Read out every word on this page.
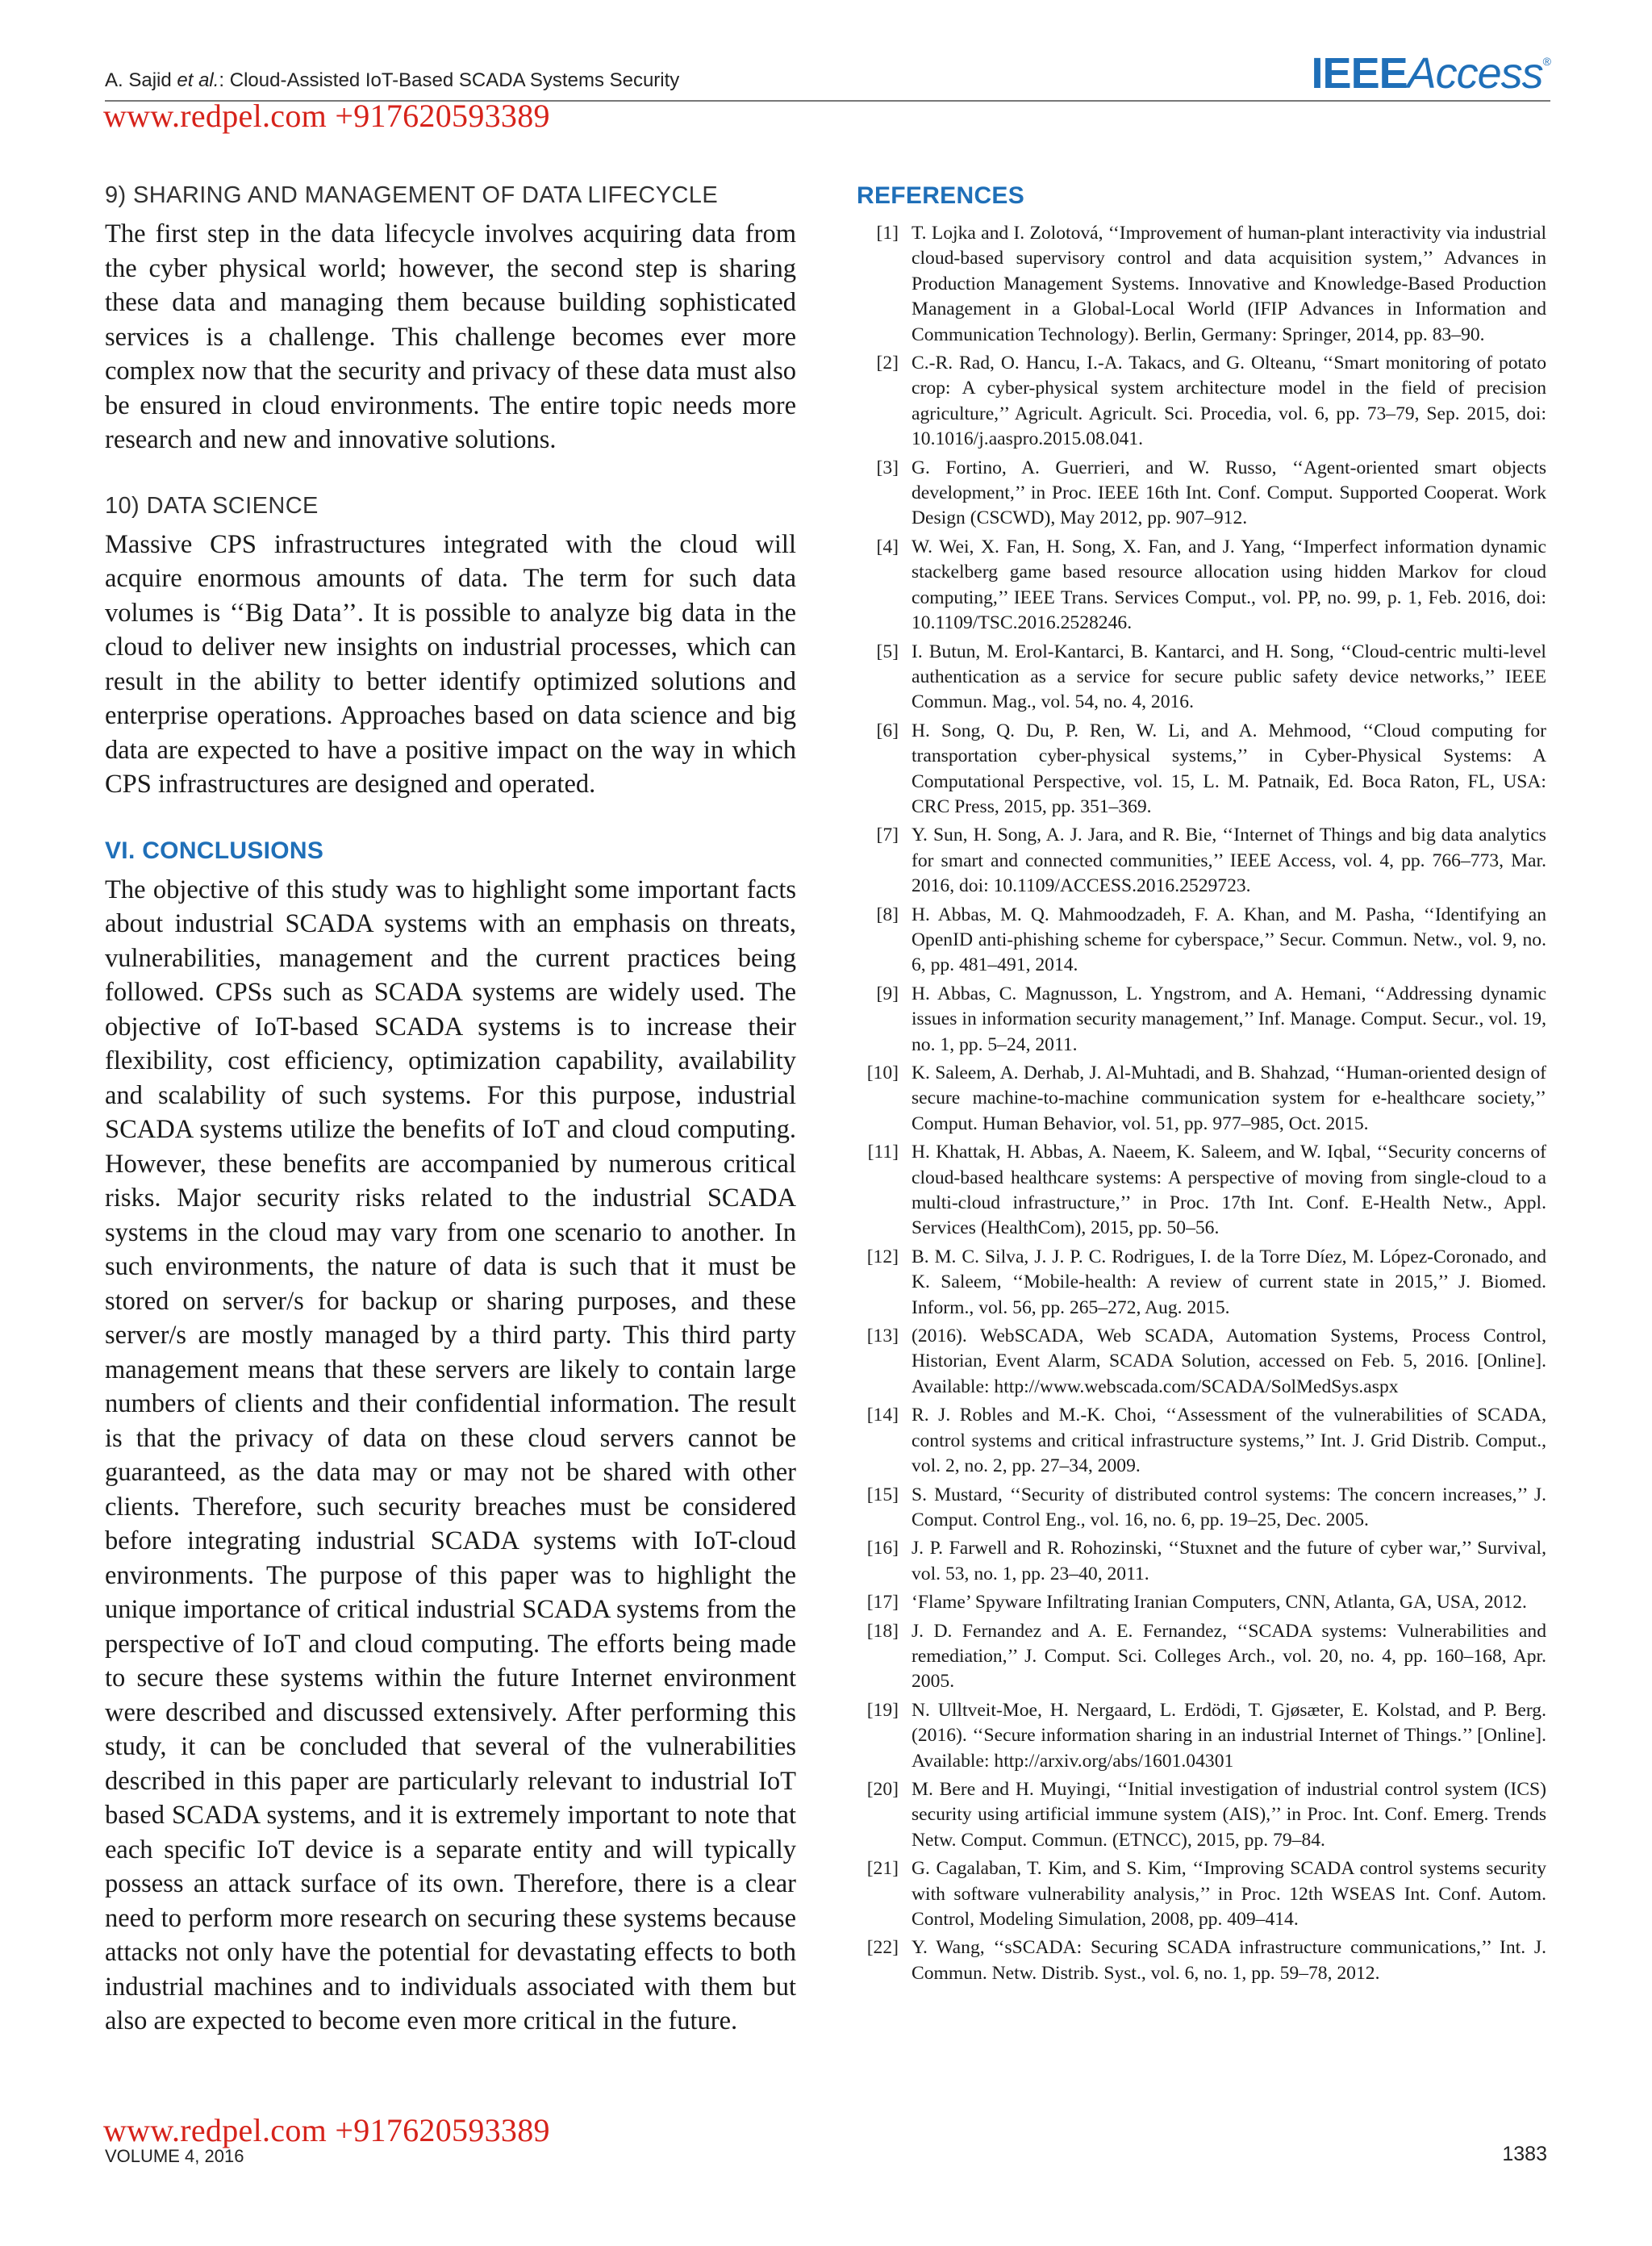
A. Sajid et al.: Cloud-Assisted IoT-Based SCADA Systems Security	IEEEAccess®
www.redpel.com +917620593389
9) SHARING AND MANAGEMENT OF DATA LIFECYCLE

The first step in the data lifecycle involves acquiring data from the cyber physical world; however, the second step is sharing these data and managing them because building sophisticated services is a challenge. This challenge becomes ever more complex now that the security and privacy of these data must also be ensured in cloud environments. The entire topic needs more research and new and innovative solutions.

10) DATA SCIENCE

Massive CPS infrastructures integrated with the cloud will acquire enormous amounts of data. The term for such data volumes is ‘‘Big Data’’. It is possible to analyze big data in the cloud to deliver new insights on industrial processes, which can result in the ability to better identify optimized solutions and enterprise operations. Approaches based on data science and big data are expected to have a positive impact on the way in which CPS infrastructures are designed and operated.

VI. CONCLUSIONS

The objective of this study was to highlight some important facts about industrial SCADA systems with an emphasis on threats, vulnerabilities, management and the current practices being followed. CPSs such as SCADA systems are widely used. The objective of IoT-based SCADA systems is to increase their flexibility, cost efficiency, optimization capability, availability and scalability of such systems. For this purpose, industrial SCADA systems utilize the benefits of IoT and cloud computing. However, these benefits are accompanied by numerous critical risks. Major security risks related to the industrial SCADA systems in the cloud may vary from one scenario to another. In such environments, the nature of data is such that it must be stored on server/s for backup or sharing purposes, and these server/s are mostly managed by a third party. This third party management means that these servers are likely to contain large numbers of clients and their confidential information. The result is that the privacy of data on these cloud servers cannot be guaranteed, as the data may or may not be shared with other clients. Therefore, such security breaches must be considered before integrating industrial SCADA systems with IoT-cloud environments. The purpose of this paper was to highlight the unique importance of critical industrial SCADA systems from the perspective of IoT and cloud computing. The efforts being made to secure these systems within the future Internet environment were described and discussed extensively. After performing this study, it can be concluded that several of the vulnerabilities described in this paper are particularly relevant to industrial IoT based SCADA systems, and it is extremely important to note that each specific IoT device is a separate entity and will typically possess an attack surface of its own. Therefore, there is a clear need to perform more research on securing these systems because attacks not only have the potential for devastating effects to both industrial machines and to individuals associated with them but also are expected to become even more critical in the future.

REFERENCES
[1] T. Lojka and I. Zolotová, ‘‘Improvement of human-plant interactivity via industrial cloud-based supervisory control and data acquisition system,’’ Advances in Production Management Systems. Innovative and Knowledge-Based Production Management in a Global-Local World (IFIP Advances in Information and Communication Technology). Berlin, Germany: Springer, 2014, pp. 83–90.
[2] C.-R. Rad, O. Hancu, I.-A. Takacs, and G. Olteanu, ‘‘Smart monitoring of potato crop: A cyber-physical system architecture model in the field of precision agriculture,’’ Agricult. Agricult. Sci. Procedia, vol. 6, pp. 73–79, Sep. 2015, doi: 10.1016/j.aaspro.2015.08.041.
[3] G. Fortino, A. Guerrieri, and W. Russo, ‘‘Agent-oriented smart objects development,’’ in Proc. IEEE 16th Int. Conf. Comput. Supported Cooperat. Work Design (CSCWD), May 2012, pp. 907–912.
[4] W. Wei, X. Fan, H. Song, X. Fan, and J. Yang, ‘‘Imperfect information dynamic stackelberg game based resource allocation using hidden Markov for cloud computing,’’ IEEE Trans. Services Comput., vol. PP, no. 99, p. 1, Feb. 2016, doi: 10.1109/TSC.2016.2528246.
[5] I. Butun, M. Erol-Kantarci, B. Kantarci, and H. Song, ‘‘Cloud-centric multi-level authentication as a service for secure public safety device networks,’’ IEEE Commun. Mag., vol. 54, no. 4, 2016.
[6] H. Song, Q. Du, P. Ren, W. Li, and A. Mehmood, ‘‘Cloud computing for transportation cyber-physical systems,’’ in Cyber-Physical Systems: A Computational Perspective, vol. 15, L. M. Patnaik, Ed. Boca Raton, FL, USA: CRC Press, 2015, pp. 351–369.
[7] Y. Sun, H. Song, A. J. Jara, and R. Bie, ‘‘Internet of Things and big data analytics for smart and connected communities,’’ IEEE Access, vol. 4, pp. 766–773, Mar. 2016, doi: 10.1109/ACCESS.2016.2529723.
[8] H. Abbas, M. Q. Mahmoodzadeh, F. A. Khan, and M. Pasha, ‘‘Identifying an OpenID anti-phishing scheme for cyberspace,’’ Secur. Commun. Netw., vol. 9, no. 6, pp. 481–491, 2014.
[9] H. Abbas, C. Magnusson, L. Yngstrom, and A. Hemani, ‘‘Addressing dynamic issues in information security management,’’ Inf. Manage. Comput. Secur., vol. 19, no. 1, pp. 5–24, 2011.
[10] K. Saleem, A. Derhab, J. Al-Muhtadi, and B. Shahzad, ‘‘Human-oriented design of secure machine-to-machine communication system for e-healthcare society,’’ Comput. Human Behavior, vol. 51, pp. 977–985, Oct. 2015.
[11] H. Khattak, H. Abbas, A. Naeem, K. Saleem, and W. Iqbal, ‘‘Security concerns of cloud-based healthcare systems: A perspective of moving from single-cloud to a multi-cloud infrastructure,’’ in Proc. 17th Int. Conf. E-Health Netw., Appl. Services (HealthCom), 2015, pp. 50–56.
[12] B. M. C. Silva, J. J. P. C. Rodrigues, I. de la Torre Díez, M. López-Coronado, and K. Saleem, ‘‘Mobile-health: A review of current state in 2015,’’ J. Biomed. Inform., vol. 56, pp. 265–272, Aug. 2015.
[13] (2016). WebSCADA, Web SCADA, Automation Systems, Process Control, Historian, Event Alarm, SCADA Solution, accessed on Feb. 5, 2016. [Online]. Available: http://www.webscada.com/SCADA/SolMedSys.aspx
[14] R. J. Robles and M.-K. Choi, ‘‘Assessment of the vulnerabilities of SCADA, control systems and critical infrastructure systems,’’ Int. J. Grid Distrib. Comput., vol. 2, no. 2, pp. 27–34, 2009.
[15] S. Mustard, ‘‘Security of distributed control systems: The concern increases,’’ J. Comput. Control Eng., vol. 16, no. 6, pp. 19–25, Dec. 2005.
[16] J. P. Farwell and R. Rohozinski, ‘‘Stuxnet and the future of cyber war,’’ Survival, vol. 53, no. 1, pp. 23–40, 2011.
[17] ‘Flame’ Spyware Infiltrating Iranian Computers, CNN, Atlanta, GA, USA, 2012.
[18] J. D. Fernandez and A. E. Fernandez, ‘‘SCADA systems: Vulnerabilities and remediation,’’ J. Comput. Sci. Colleges Arch., vol. 20, no. 4, pp. 160–168, Apr. 2005.
[19] N. Ulltveit-Moe, H. Nergaard, L. Erdödi, T. Gjøsæter, E. Kolstad, and P. Berg. (2016). ‘‘Secure information sharing in an industrial Internet of Things.’’ [Online]. Available: http://arxiv.org/abs/1601.04301
[20] M. Bere and H. Muyingi, ‘‘Initial investigation of industrial control system (ICS) security using artificial immune system (AIS),’’ in Proc. Int. Conf. Emerg. Trends Netw. Comput. Commun. (ETNCC), 2015, pp. 79–84.
[21] G. Cagalaban, T. Kim, and S. Kim, ‘‘Improving SCADA control systems security with software vulnerability analysis,’’ in Proc. 12th WSEAS Int. Conf. Autom. Control, Modeling Simulation, 2008, pp. 409–414.
[22] Y. Wang, ‘‘sSCADA: Securing SCADA infrastructure communications,’’ Int. J. Commun. Netw. Distrib. Syst., vol. 6, no. 1, pp. 59–78, 2012.
www.redpel.com +917620593389
VOLUME 4, 2016	1383
